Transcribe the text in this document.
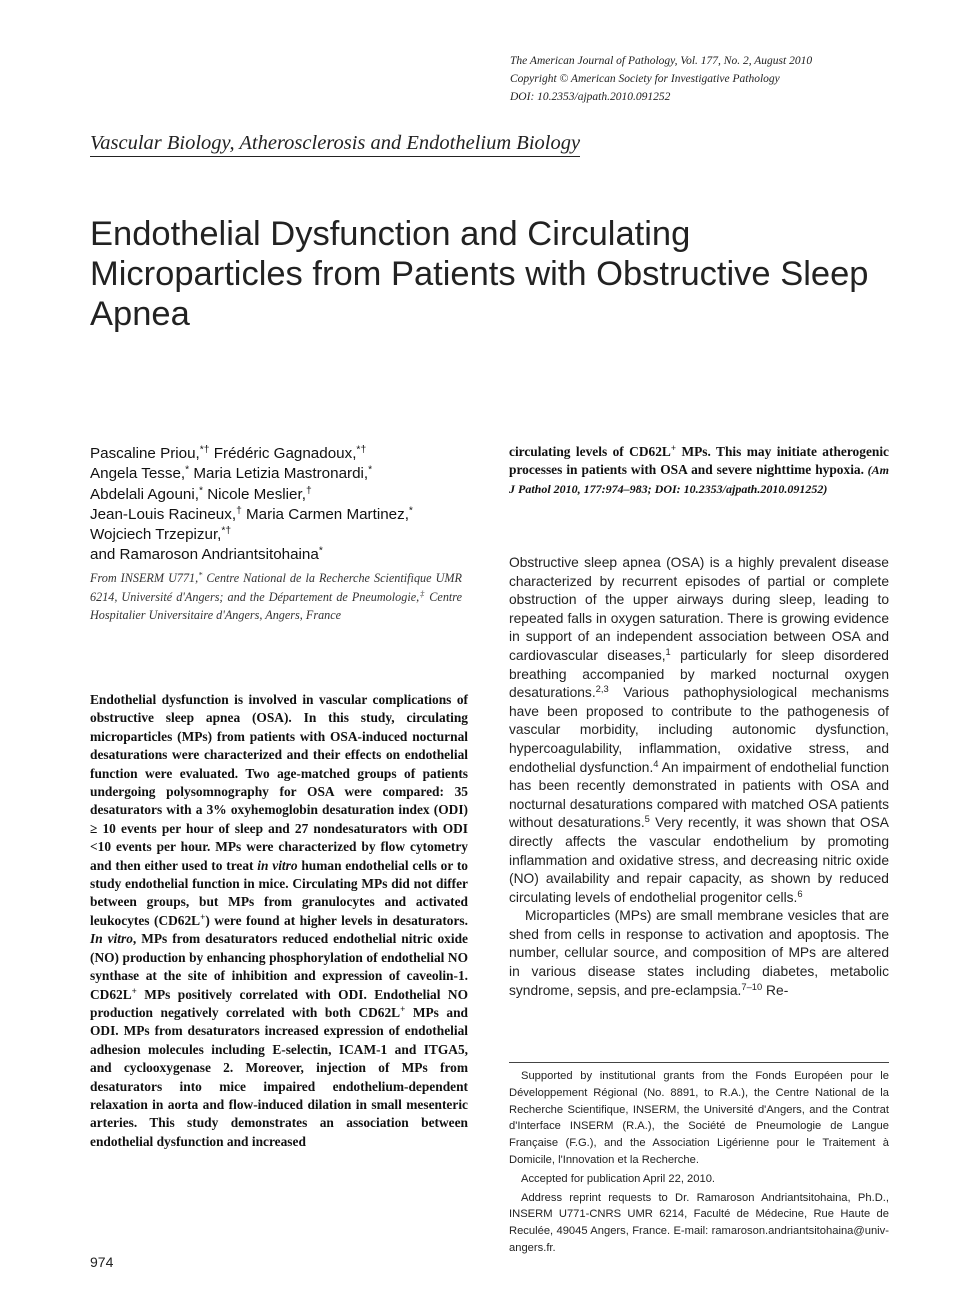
The American Journal of Pathology, Vol. 177, No. 2, August 2010
Copyright © American Society for Investigative Pathology
DOI: 10.2353/ajpath.2010.091252
Vascular Biology, Atherosclerosis and Endothelium Biology
Endothelial Dysfunction and Circulating Microparticles from Patients with Obstructive Sleep Apnea
Pascaline Priou,*† Frédéric Gagnadoux,*†
Angela Tesse,* Maria Letizia Mastronardi,*
Abdelali Agouni,* Nicole Meslier,†
Jean-Louis Racineux,† Maria Carmen Martinez,*
Wojciech Trzepizur,*†
and Ramaroson Andriantsitohaina*
From INSERM U771,* Centre National de la Recherche Scientifique UMR 6214, Université d'Angers; and the Département de Pneumologie,‡ Centre Hospitalier Universitaire d'Angers, Angers, France
Endothelial dysfunction is involved in vascular complications of obstructive sleep apnea (OSA). In this study, circulating microparticles (MPs) from patients with OSA-induced nocturnal desaturations were characterized and their effects on endothelial function were evaluated. Two age-matched groups of patients undergoing polysomnography for OSA were compared: 35 desaturators with a 3% oxyhemoglobin desaturation index (ODI) ≥ 10 events per hour of sleep and 27 nondesaturators with ODI <10 events per hour. MPs were characterized by flow cytometry and then either used to treat in vitro human endothelial cells or to study endothelial function in mice. Circulating MPs did not differ between groups, but MPs from granulocytes and activated leukocytes (CD62L+) were found at higher levels in desaturators. In vitro, MPs from desaturators reduced endothelial nitric oxide (NO) production by enhancing phosphorylation of endothelial NO synthase at the site of inhibition and expression of caveolin-1. CD62L+ MPs positively correlated with ODI. Endothelial NO production negatively correlated with both CD62L+ MPs and ODI. MPs from desaturators increased expression of endothelial adhesion molecules including E-selectin, ICAM-1 and ITGA5, and cyclooxygenase 2. Moreover, injection of MPs from desaturators into mice impaired endothelium-dependent relaxation in aorta and flow-induced dilation in small mesenteric arteries. This study demonstrates an association between endothelial dysfunction and increased
circulating levels of CD62L+ MPs. This may initiate atherogenic processes in patients with OSA and severe nighttime hypoxia. (Am J Pathol 2010, 177:974–983; DOI: 10.2353/ajpath.2010.091252)

Obstructive sleep apnea (OSA) is a highly prevalent disease characterized by recurrent episodes of partial or complete obstruction of the upper airways during sleep, leading to repeated falls in oxygen saturation. There is growing evidence in support of an independent association between OSA and cardiovascular diseases,$^1$ particularly for sleep disordered breathing accompanied by marked nocturnal oxygen desaturations.$^{2,3}$ Various pathophysiological mechanisms have been proposed to contribute to the pathogenesis of vascular morbidity, including autonomic dysfunction, hypercoagulability, inflammation, oxidative stress, and endothelial dysfunction.$^4$ An impairment of endothelial function has been recently demonstrated in patients with OSA and nocturnal desaturations compared with matched OSA patients without desaturations.$^5$ Very recently, it was shown that OSA directly affects the vascular endothelium by promoting inflammation and oxidative stress, and decreasing nitric oxide (NO) availability and repair capacity, as shown by reduced circulating levels of endothelial progenitor cells.$^6$

Microparticles (MPs) are small membrane vesicles that are shed from cells in response to activation and apoptosis. The number, cellular source, and composition of MPs are altered in various disease states including diabetes, metabolic syndrome, sepsis, and pre-eclampsia.$^{7-10}$ Re-

Supported by institutional grants from the Fonds Européen pour le Développement Régional (No. 8891, to R.A.), the Centre National de la Recherche Scientifique, INSERM, the Université d'Angers, and the Contrat d'Interface INSERM (R.A.), the Société de Pneumologie de Langue Française (F.G.), and the Association Ligérienne pour le Traitement à Domicile, l'Innovation et la Recherche.

Accepted for publication April 22, 2010.

Address reprint requests to Dr. Ramaroson Andriantsitohaina, Ph.D., INSERM U771-CNRS UMR 6214, Faculté de Médecine, Rue Haute de Reculée, 49045 Angers, France. E-mail: ramaroson.andriantsitohaina@univ-angers.fr.

974
